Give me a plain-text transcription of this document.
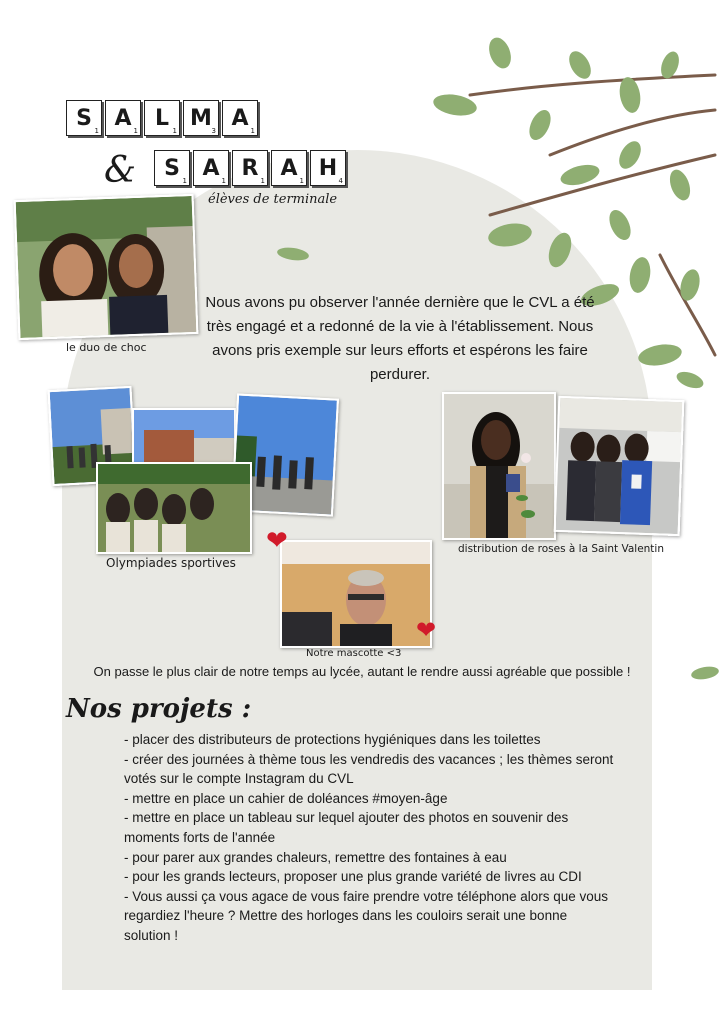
S
1
A
1
L
1
M
3
A
1
& S
1
A
1
R
1
A
1
H
4
élèves de terminale
le duo de choc
Nous avons pu observer l'année dernière que le CVL a été très engagé et a redonné de la vie à l'établissement. Nous avons pris exemple sur leurs efforts et espérons les faire perdurer.
Olympiades sportives
distribution de roses à la Saint Valentin
❤
❤
Notre mascotte <3
On passe le plus clair de notre temps au lycée, autant le rendre aussi agréable que possible !
Nos projets :
- placer des distributeurs de protections hygiéniques dans les toilettes
- créer des journées à thème tous les vendredis des vacances ; les thèmes seront votés sur le compte Instagram du CVL
- mettre en place un cahier de doléances #moyen-âge
- mettre en place un tableau sur lequel ajouter des photos en souvenir des moments forts de l'année
- pour parer aux grandes chaleurs, remettre des fontaines à eau
- pour les grands lecteurs, proposer une plus grande variété de livres au CDI
- Vous aussi ça vous agace de vous faire prendre votre téléphone alors que vous regardiez l'heure ? Mettre des horloges dans les couloirs serait une bonne solution !
